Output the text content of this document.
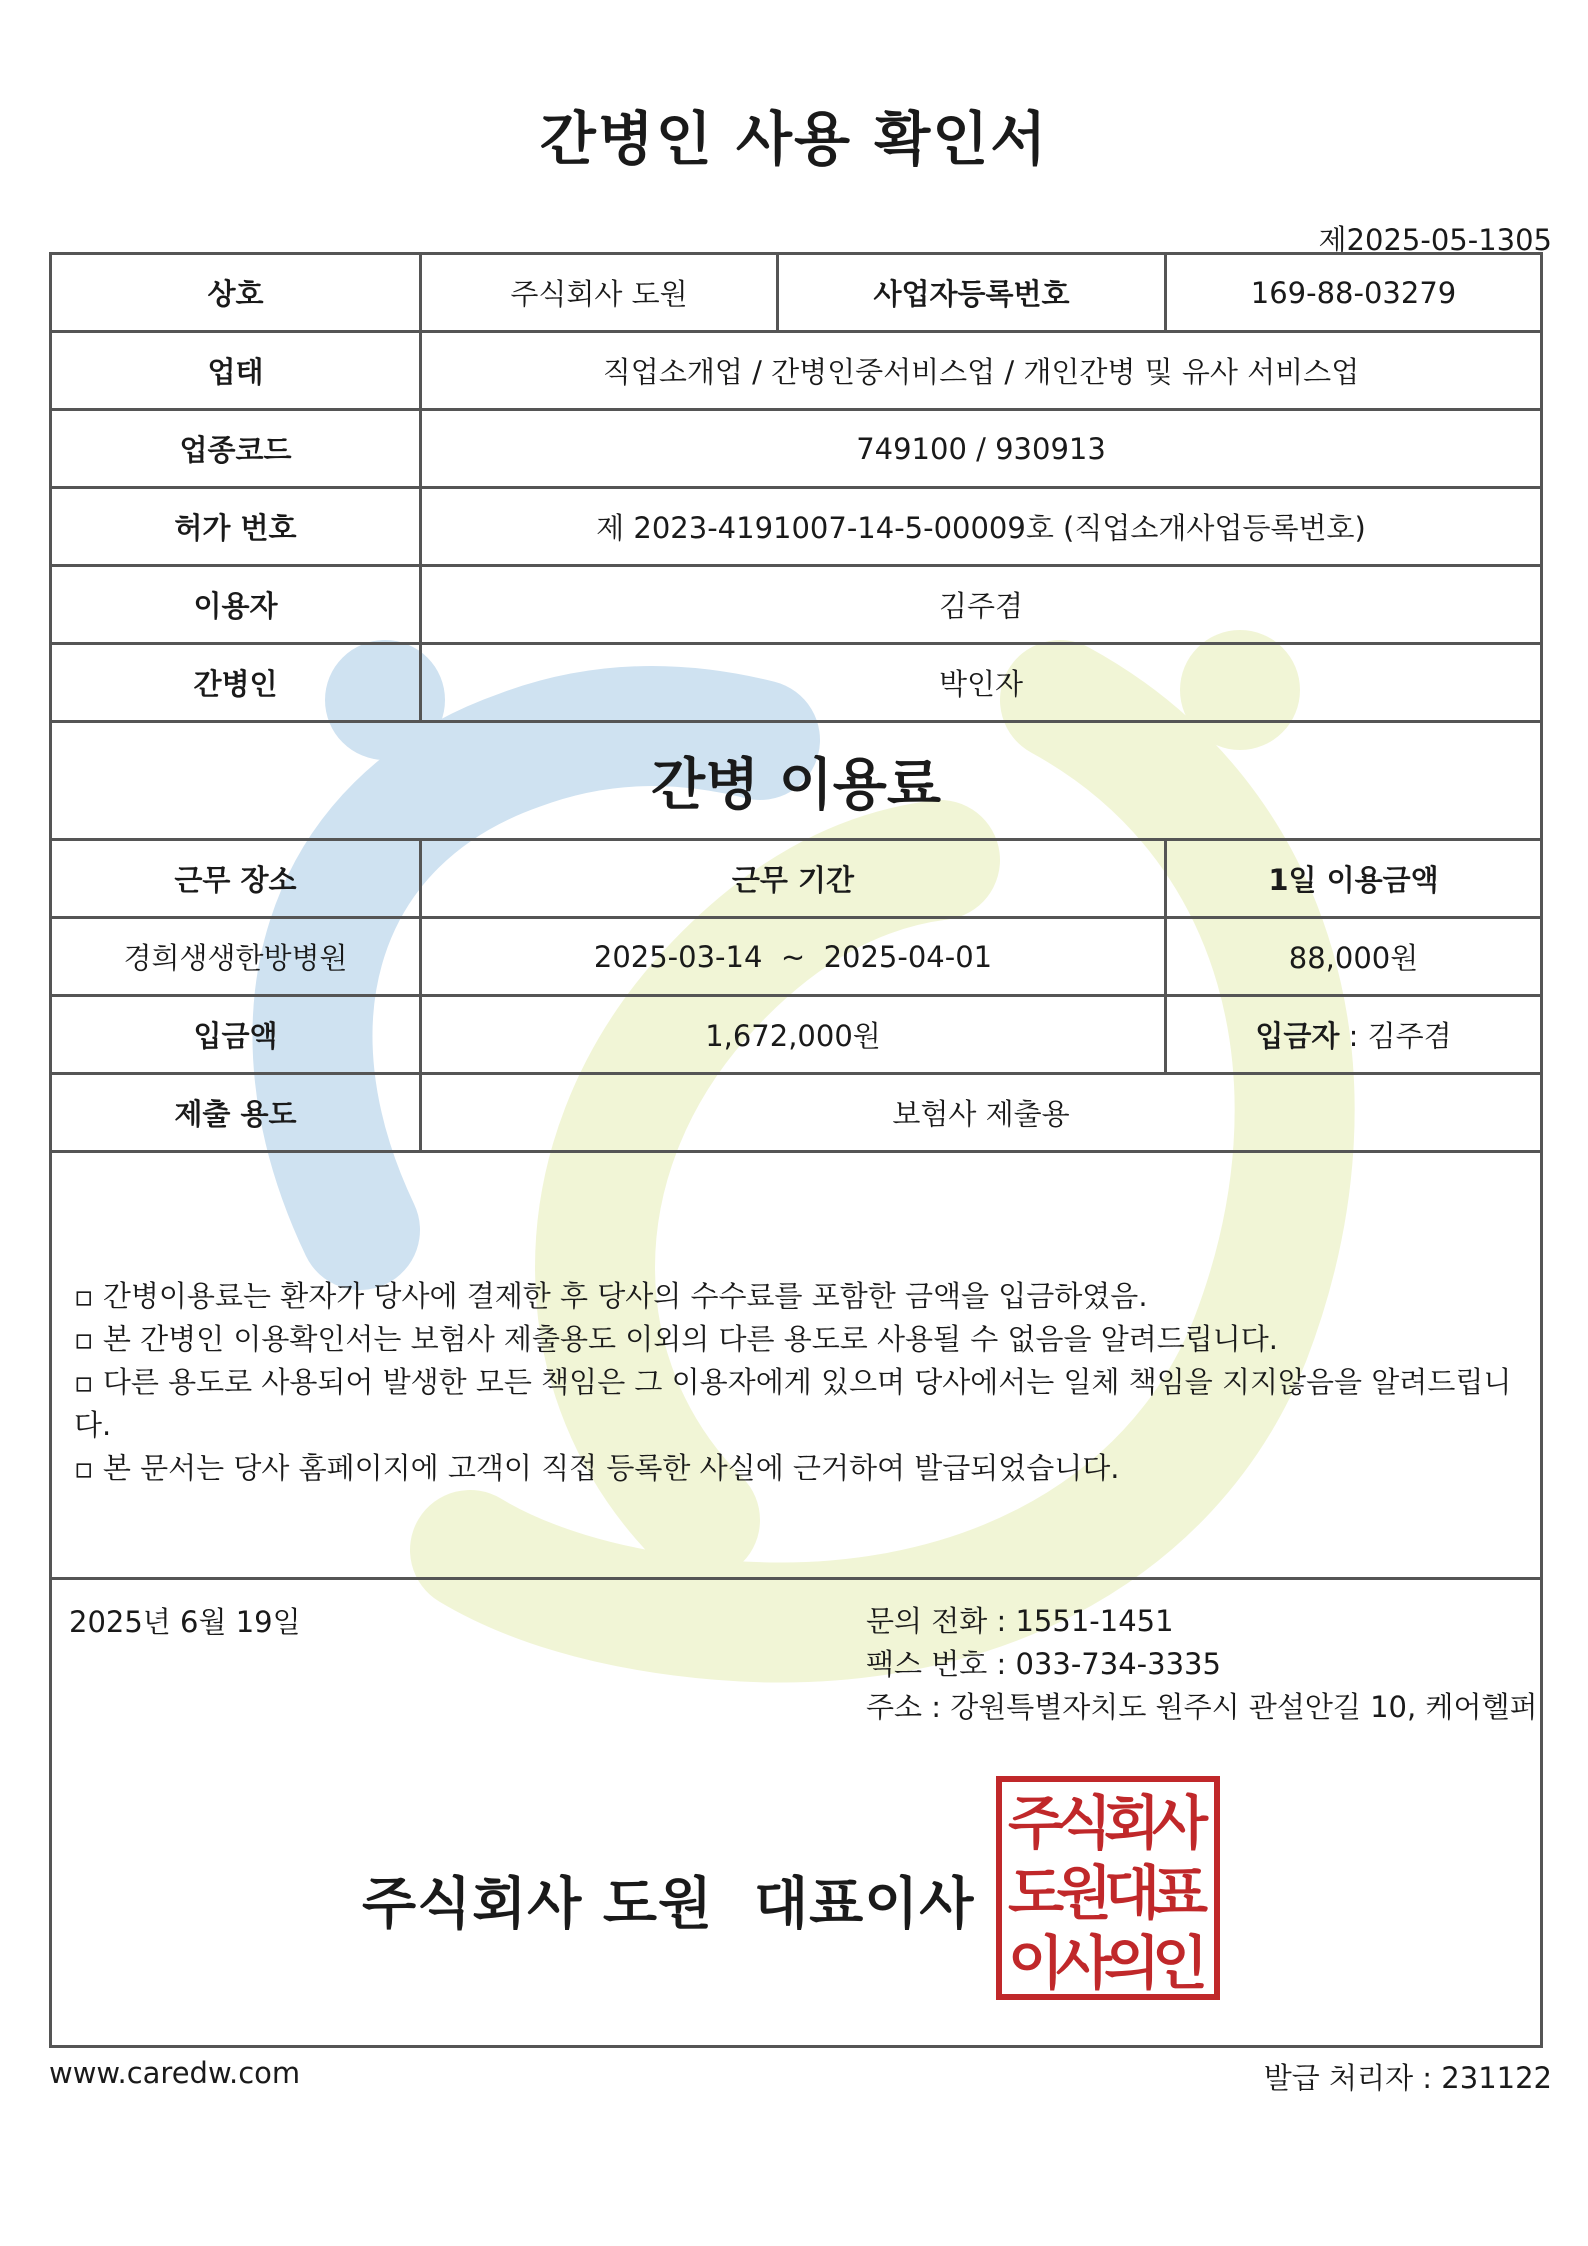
간병인 사용 확인서
제2025-05-1305
상호	주식회사 도원	사업자등록번호	169-88-03279
업태	직업소개업 / 간병인중서비스업 / 개인간병 및 유사 서비스업
업종코드	749100 / 930913
허가 번호	제 2023-4191007-14-5-00009호 (직업소개사업등록번호)
이용자	김주겸
간병인	박인자
간병 이용료
근무 장소	근무 기간	1일 이용금액
경희생생한방병원	2025-03-14  ~  2025-04-01	88,000원
입금액	1,672,000원	입금자 : 김주겸
제출 용도	보험사 제출용

▫ 간병이용료는 환자가 당사에 결제한 후 당사의 수수료를 포함한 금액을 입금하였음.

▫ 본 간병인 이용확인서는 보험사 제출용도 이외의 다른 용도로 사용될 수 없음을 알려드립니다.

▫ 다른 용도로 사용되어 발생한 모든 책임은 그 이용자에게 있으며 당사에서는 일체 책임을 지지않음을 알려드립니다.

▫ 본 문서는 당사 홈페이지에 고객이 직접 등록한 사실에 근거하여 발급되었습니다.

2025년 6월 19일	문의 전화 : 1551-1451
팩스 번호 : 033-734-3335
주소 : 강원특별자치도 원주시 관설안길 10, 케어헬퍼
주식회사 도원  대표이사
주
식
회
사
도
원
대
표
이
사
의
인
www.caredw.com	발급 처리자 : 231122
